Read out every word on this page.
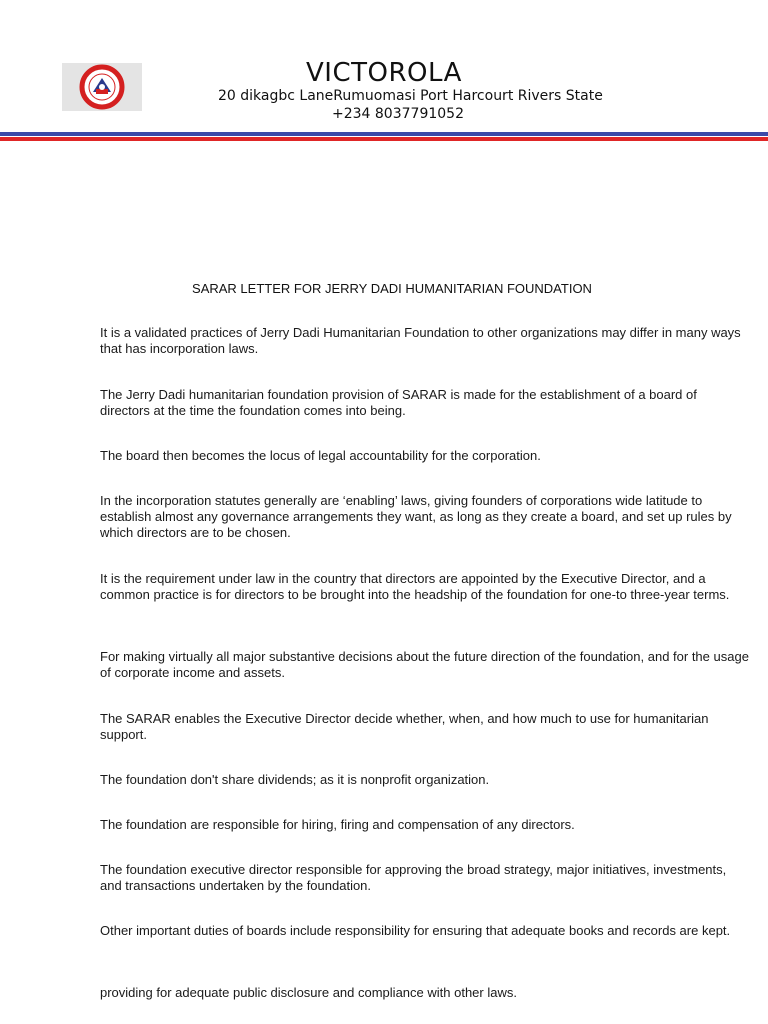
VICTOROLA
20 dikagbc LaneRumuomasi Port Harcourt Rivers State
+234 8037791052
SARAR LETTER FOR JERRY DADI HUMANITARIAN FOUNDATION

It is a validated practices of Jerry Dadi Humanitarian Foundation to other organizations may differ in many ways that has incorporation laws.

The Jerry Dadi humanitarian foundation provision of SARAR is made for the establishment of a board of directors at the time the foundation comes into being.

The board then becomes the locus of legal accountability for the corporation.

In the incorporation statutes generally are ‘enabling’ laws, giving founders of corporations wide latitude to establish almost any governance arrangements they want, as long as they create a board, and set up rules by which directors are to be chosen.

It is the requirement under law in the country that directors are appointed by the Executive Director, and a common practice is for directors to be brought into the headship of the foundation for one-to three-year terms.

For making virtually all major substantive decisions about the future direction of the foundation, and for the usage of corporate income and assets.

The SARAR enables the Executive Director decide whether, when, and how much to use for humanitarian support.

The foundation don't share dividends; as it is nonprofit organization.

The foundation are responsible for hiring, firing and compensation of any directors.

The foundation executive director responsible for approving the broad strategy, major initiatives, investments, and transactions undertaken by the foundation.

Other important duties of boards include responsibility for ensuring that adequate books and records are kept.

providing for adequate public disclosure and compliance with other laws.
